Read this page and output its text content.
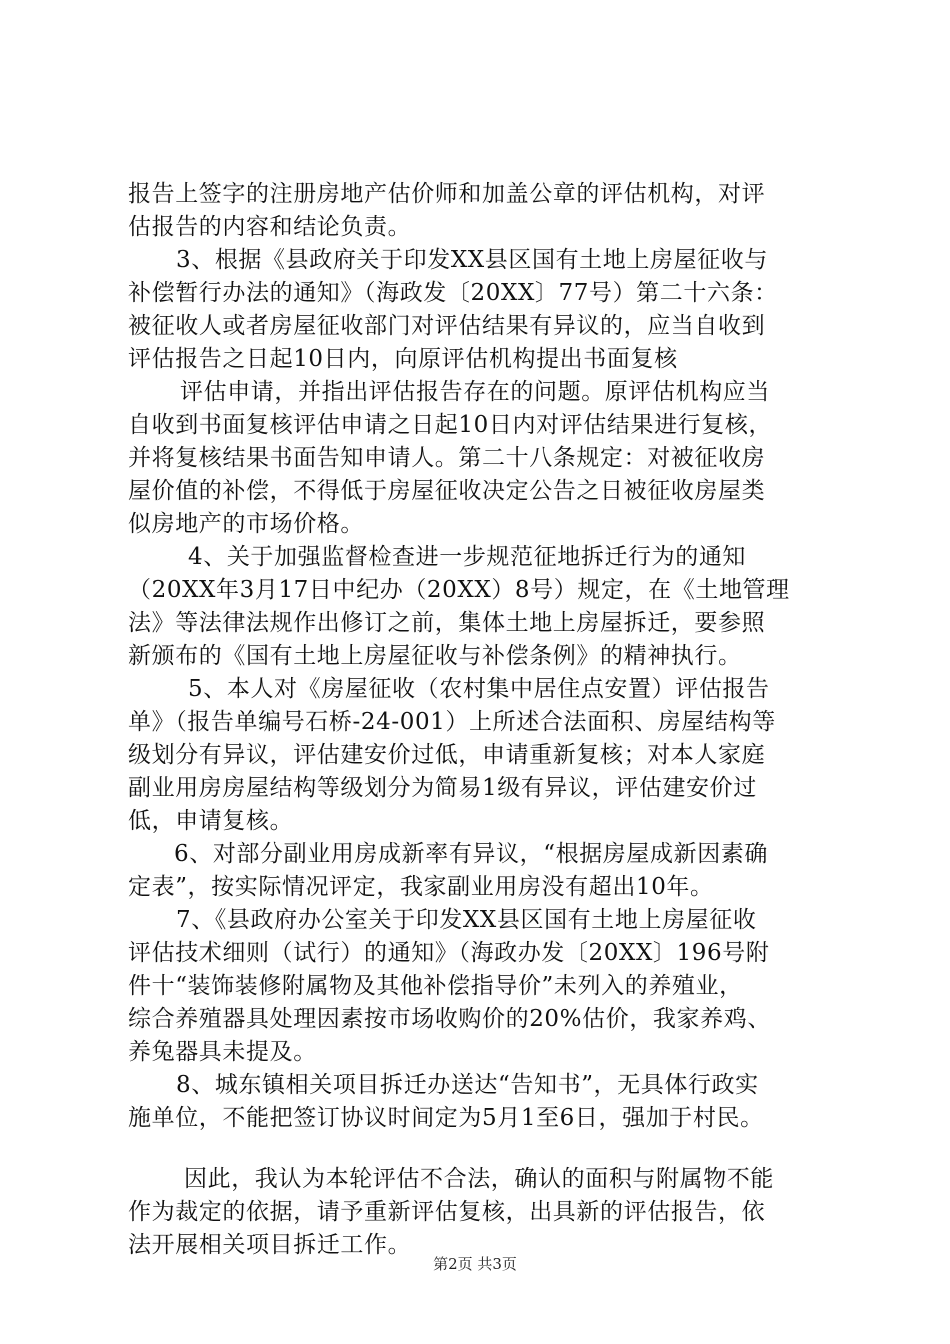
报告上签字的注册房地产估价师和加盖公章的评估机构，对评
估报告的内容和结论负责。
3、根据《县政府关于印发XX县区国有土地上房屋征收与
补偿暂行办法的通知》（海政发〔20XX〕77号）第二十六条：
被征收人或者房屋征收部门对评估结果有异议的，应当自收到
评估报告之日起10日内，向原评估机构提出书面复核
评估申请，并指出评估报告存在的问题。原评估机构应当
自收到书面复核评估申请之日起10日内对评估结果进行复核，
并将复核结果书面告知申请人。第二十八条规定：对被征收房
屋价值的补偿，不得低于房屋征收决定公告之日被征收房屋类
似房地产的市场价格。
4、关于加强监督检查进一步规范征地拆迁行为的通知
（20XX年3月17日中纪办（20XX）8号）规定，在《土地管理
法》等法律法规作出修订之前，集体土地上房屋拆迁，要参照
新颁布的《国有土地上房屋征收与补偿条例》的精神执行。
5、本人对《房屋征收（农村集中居住点安置）评估报告
单》（报告单编号石桥-24-001）上所述合法面积、房屋结构等
级划分有异议，评估建安价过低，申请重新复核；对本人家庭
副业用房房屋结构等级划分为简易1级有异议，评估建安价过
低，申请复核。
6、对部分副业用房成新率有异议，“根据房屋成新因素确
定表”，按实际情况评定，我家副业用房没有超出10年。
7、《县政府办公室关于印发XX县区国有土地上房屋征收
评估技术细则（试行）的通知》（海政办发〔20XX〕196号附
件十“装饰装修附属物及其他补偿指导价”未列入的养殖业，
综合养殖器具处理因素按市场收购价的20%估价，我家养鸡、
养兔器具未提及。
8、城东镇相关项目拆迁办送达“告知书”，无具体行政实
施单位，不能把签订协议时间定为5月1至6日，强加于村民。
因此，我认为本轮评估不合法，确认的面积与附属物不能
作为裁定的依据，请予重新评估复核，出具新的评估报告，依
法开展相关项目拆迁工作。
第2页 共3页
